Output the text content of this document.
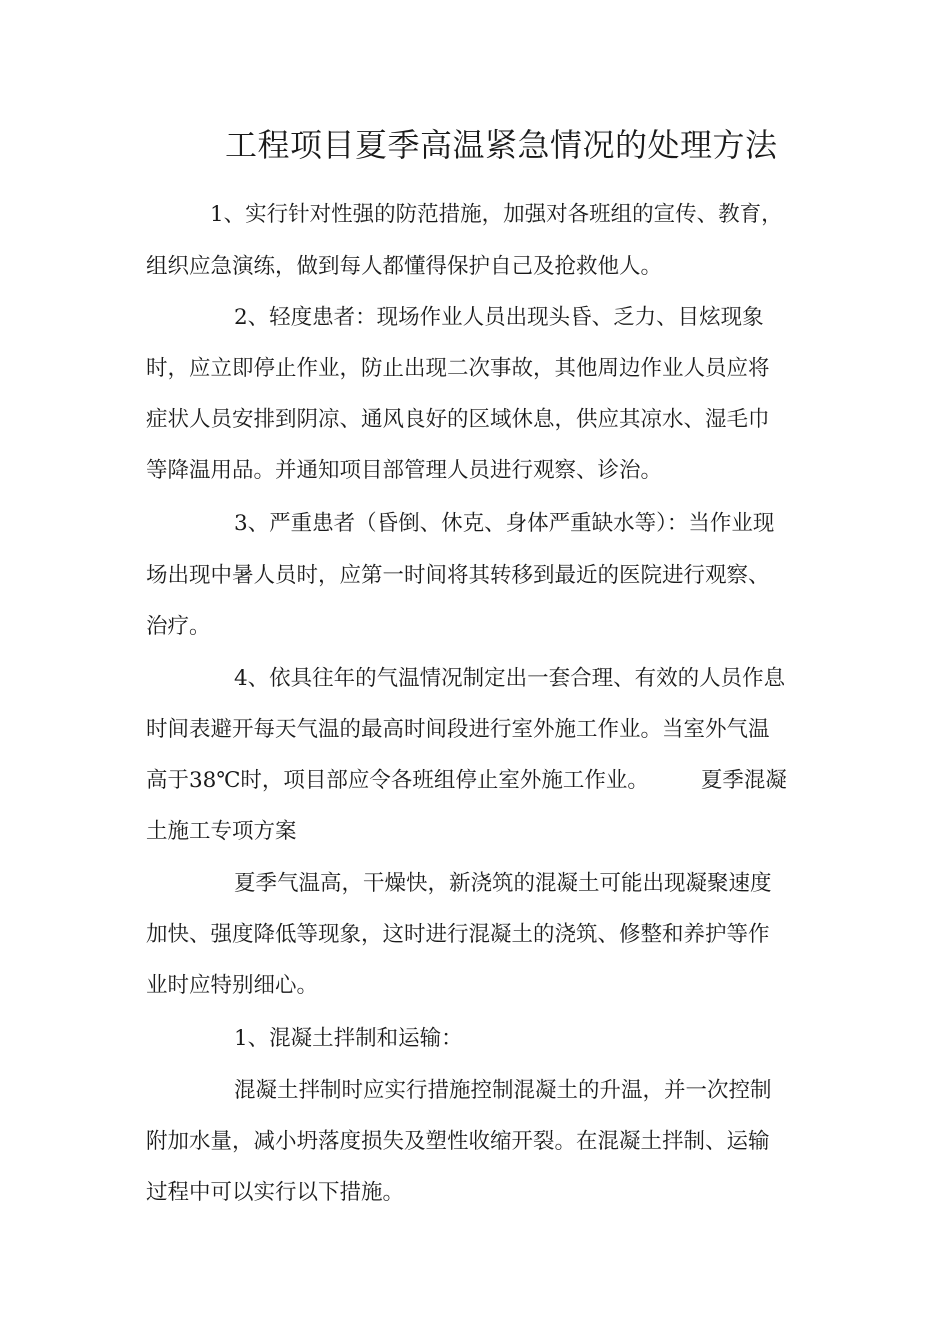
工程项目夏季高温紧急情况的处理方法

1、实行针对性强的防范措施，加强对各班组的宣传、教育，

组织应急演练，做到每人都懂得保护自己及抢救他人。

2、轻度患者：现场作业人员出现头昏、乏力、目炫现象

时，应立即停止作业，防止出现二次事故，其他周边作业人员应将

症状人员安排到阴凉、通风良好的区域休息，供应其凉水、湿毛巾

等降温用品。并通知项目部管理人员进行观察、诊治。

3、严重患者（昏倒、休克、身体严重缺水等）：当作业现

场出现中暑人员时，应第一时间将其转移到最近的医院进行观察、

治疗。

4、依具往年的气温情况制定出一套合理、有效的人员作息

时间表避开每天气温的最高时间段进行室外施工作业。当室外气温

高于38℃时，项目部应令各班组停止室外施工作业。 夏季混凝

土施工专项方案

夏季气温高，干燥快，新浇筑的混凝土可能出现凝聚速度

加快、强度降低等现象，这时进行混凝土的浇筑、修整和养护等作

业时应特别细心。

1、混凝土拌制和运输：

混凝土拌制时应实行措施控制混凝土的升温，并一次控制

附加水量，减小坍落度损失及塑性收缩开裂。在混凝土拌制、运输

过程中可以实行以下措施。
